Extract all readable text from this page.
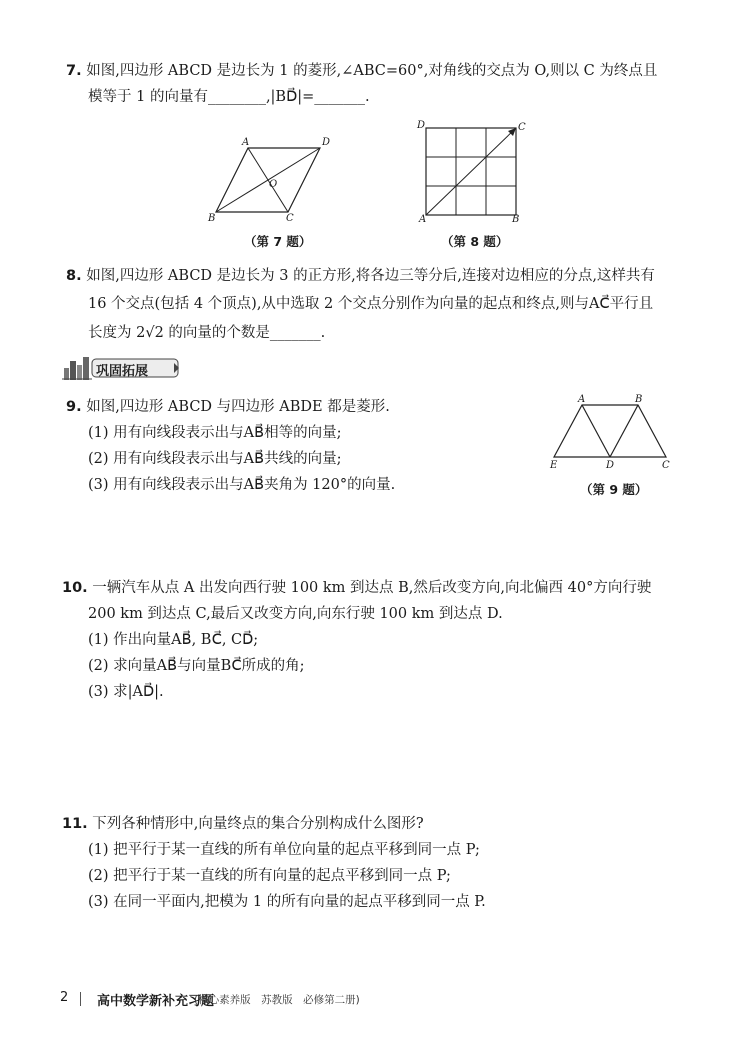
7. 如图,四边形 ABCD 是边长为 1 的菱形,∠ABC=60°,对角线的交点为 O,则以 C 为终点且
模等于 1 的向量有________,|BD⃗|=_______.
A	D
B	C
O
（第 7 题）
D	C
A	B
（第 8 题）
8. 如图,四边形 ABCD 是边长为 3 的正方形,将各边三等分后,连接对边相应的分点,这样共有
16 个交点(包括 4 个顶点),从中选取 2 个交点分别作为向量的起点和终点,则与AC⃗平行且
长度为 2√2 的向量的个数是_______.
巩固拓展
9. 如图,四边形 ABCD 与四边形 ABDE 都是菱形.
(1) 用有向线段表示出与AB⃗相等的向量;
(2) 用有向线段表示出与AB⃗共线的向量;
(3) 用有向线段表示出与AB⃗夹角为 120°的向量.
A	B
E	D	C
（第 9 题）
10. 一辆汽车从点 A 出发向西行驶 100 km 到达点 B,然后改变方向,向北偏西 40°方向行驶
200 km 到达点 C,最后又改变方向,向东行驶 100 km 到达点 D.
(1) 作出向量AB⃗, BC⃗, CD⃗;
(2) 求向量AB⃗与向量BC⃗所成的角;
(3) 求|AD⃗|.
11. 下列各种情形中,向量终点的集合分别构成什么图形?
(1) 把平行于某一直线的所有单位向量的起点平移到同一点 P;
(2) 把平行于某一直线的所有向量的起点平移到同一点 P;
(3) 在同一平面内,把模为 1 的所有向量的起点平移到同一点 P.
2 高中数学新补充习题
(核心素养版　苏教版　必修第二册)
